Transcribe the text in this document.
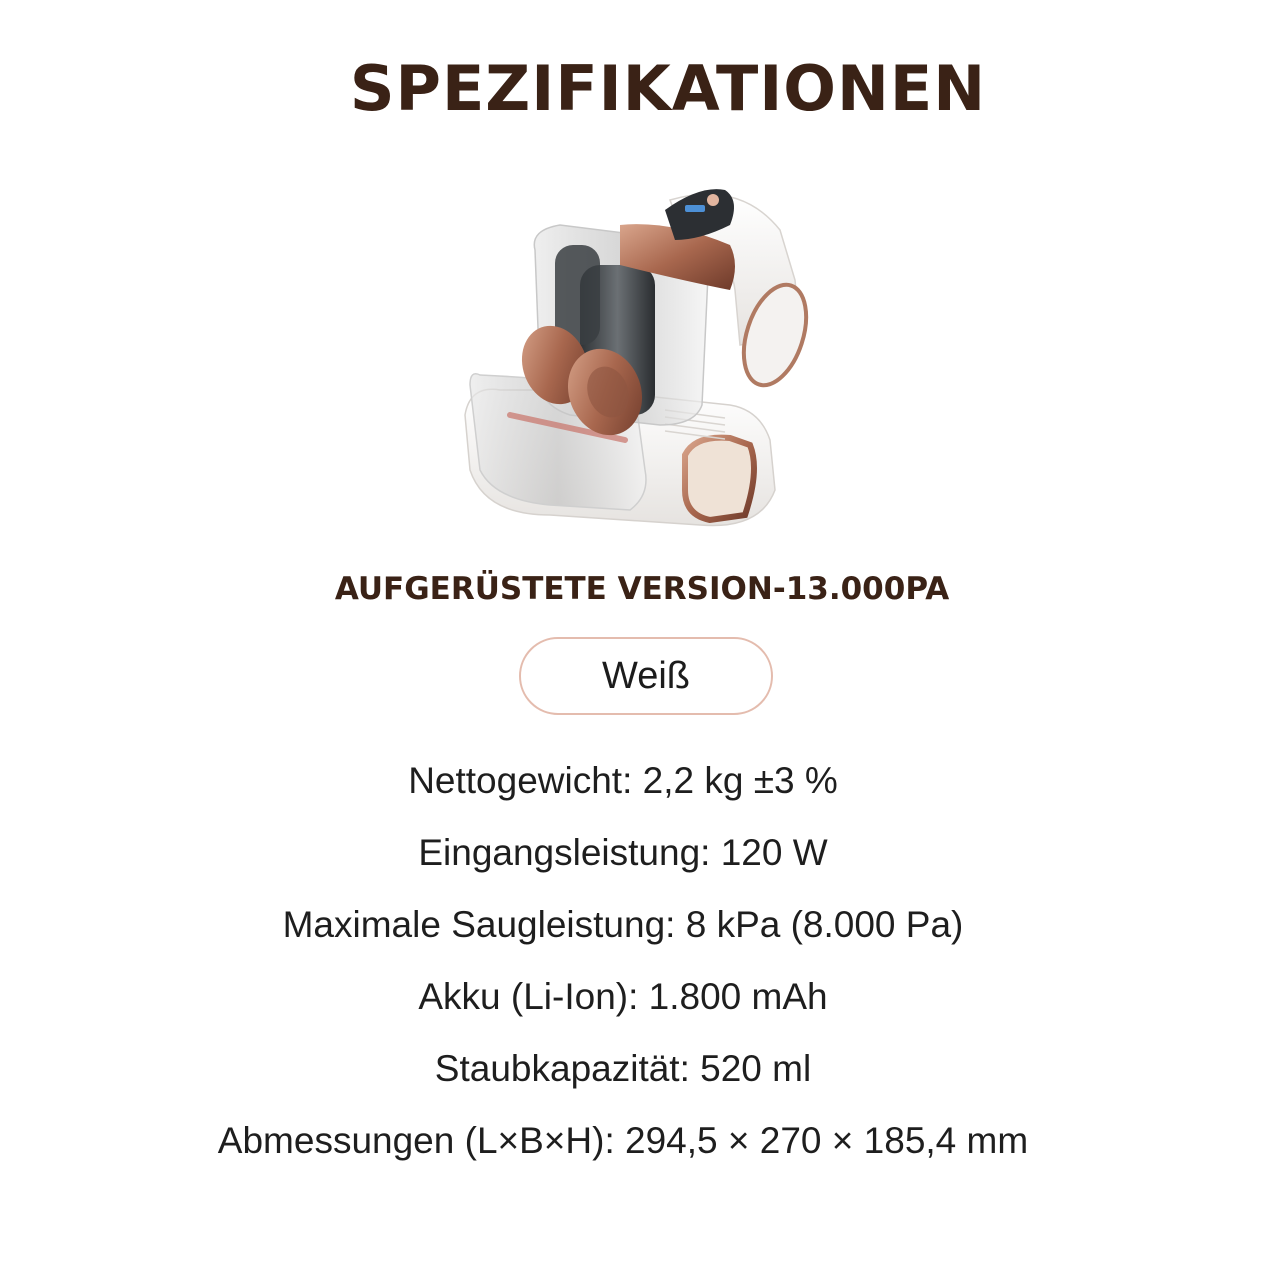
SPEZIFIKATIONEN
AUFGERÜSTETE VERSION-13.000PA
Weiß
Nettogewicht: 2,2 kg ±3 %
Eingangsleistung: 120 W
Maximale Saugleistung: 8 kPa (8.000 Pa)
Akku (Li-Ion): 1.800 mAh
Staubkapazität: 520 ml
Abmessungen (L×B×H): 294,5 × 270 × 185,4 mm
